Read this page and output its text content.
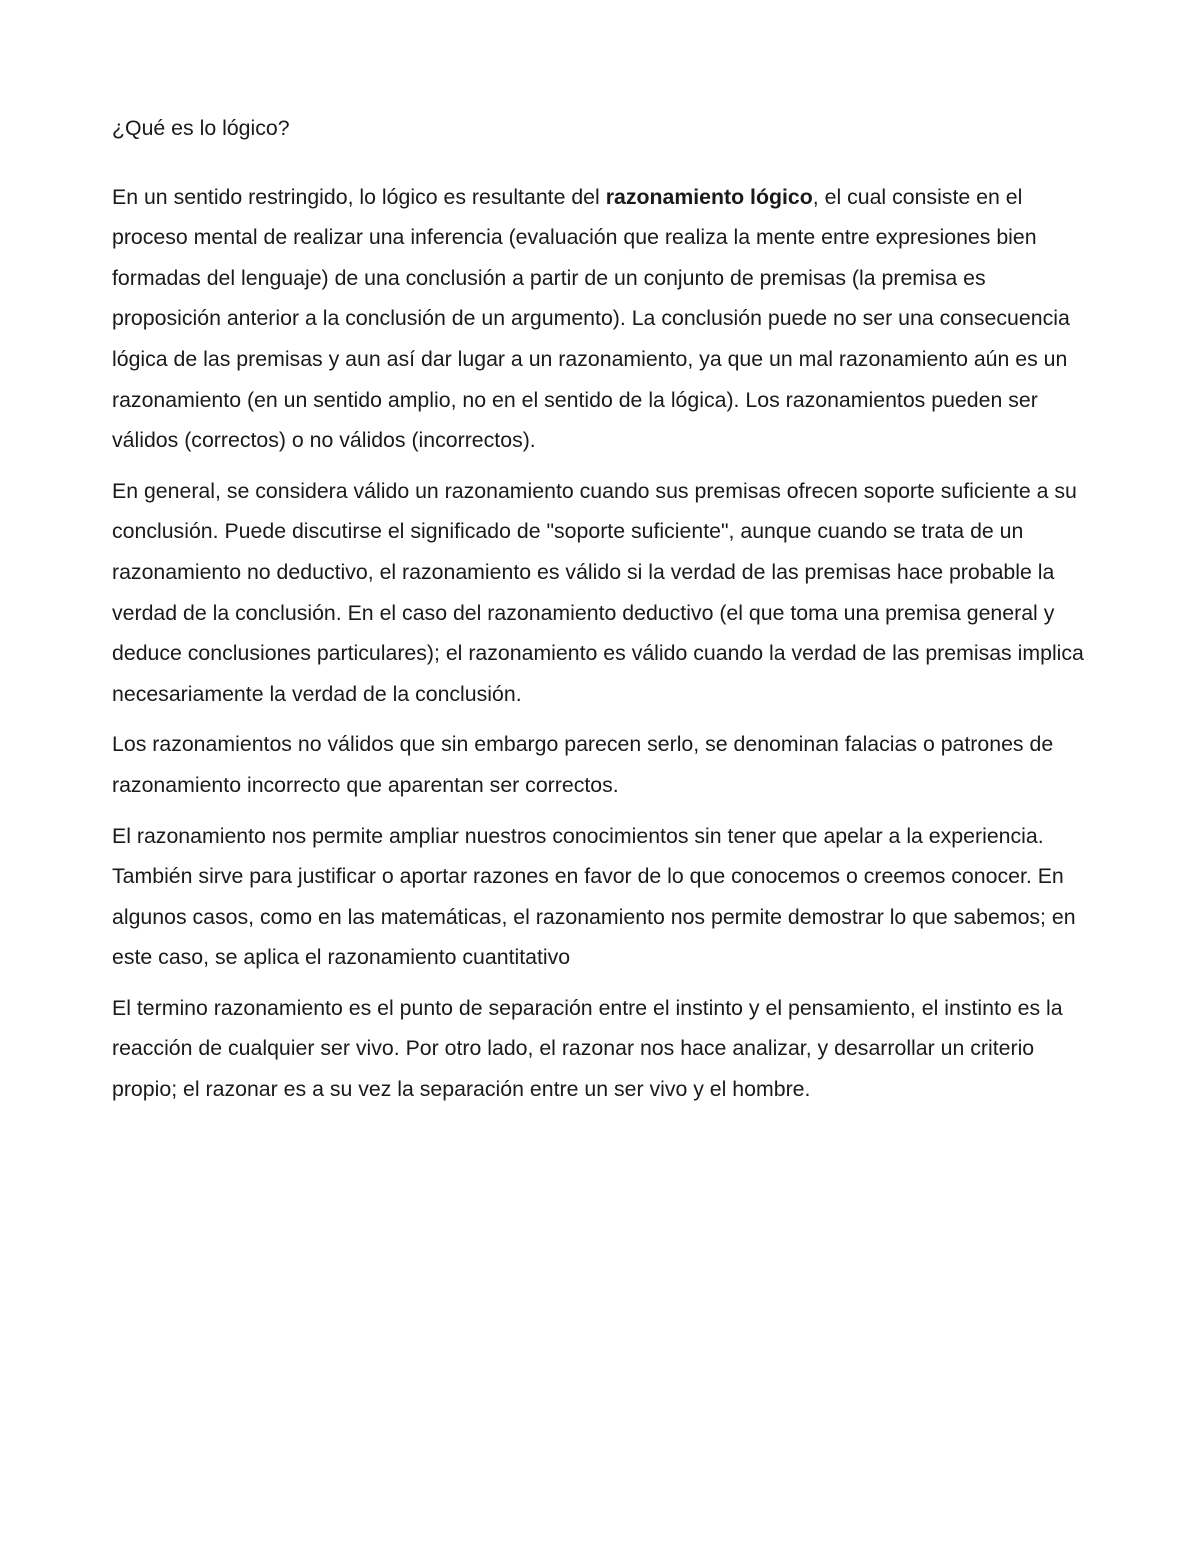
¿Qué es lo lógico?

En un sentido restringido, lo lógico es resultante del razonamiento lógico, el cual consiste en el proceso mental de realizar una inferencia (evaluación que realiza la mente entre expresiones bien formadas del lenguaje) de una conclusión a partir de un conjunto de premisas (la premisa es proposición anterior a la conclusión de un argumento). La conclusión puede no ser una consecuencia lógica de las premisas y aun así dar lugar a un razonamiento, ya que un mal razonamiento aún es un razonamiento (en un sentido amplio, no en el sentido de la lógica). Los razonamientos pueden ser válidos (correctos) o no válidos (incorrectos).

En general, se considera válido un razonamiento cuando sus premisas ofrecen soporte suficiente a su conclusión. Puede discutirse el significado de "soporte suficiente", aunque cuando se trata de un razonamiento no deductivo, el razonamiento es válido si la verdad de las premisas hace probable la verdad de la conclusión. En el caso del razonamiento deductivo (el que toma una premisa general y deduce conclusiones particulares); el razonamiento es válido cuando la verdad de las premisas implica necesariamente la verdad de la conclusión.

Los razonamientos no válidos que sin embargo parecen serlo, se denominan falacias o patrones de razonamiento incorrecto que aparentan ser correctos.

El razonamiento nos permite ampliar nuestros conocimientos sin tener que apelar a la experiencia. También sirve para justificar o aportar razones en favor de lo que conocemos o creemos conocer. En algunos casos, como en las matemáticas, el razonamiento nos permite demostrar lo que sabemos; en este caso, se aplica el razonamiento cuantitativo

El termino razonamiento es el punto de separación entre el instinto y el pensamiento, el instinto es la reacción de cualquier ser vivo. Por otro lado, el razonar nos hace analizar, y desarrollar un criterio propio; el razonar es a su vez la separación entre un ser vivo y el hombre.
